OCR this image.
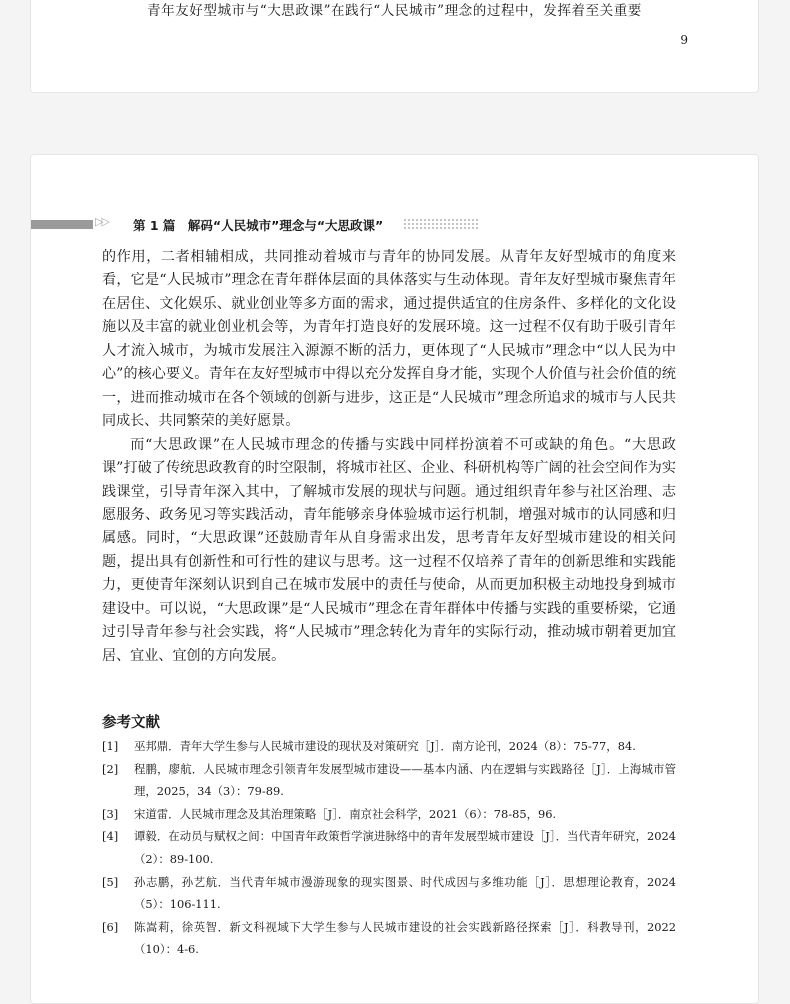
青年友好型城市与“大思政课”在践行“人民城市”理念的过程中，发挥着至关重要
9
▷▷ 第 1 篇　解码“人民城市”理念与“大思政课”

的作用，二者相辅相成，共同推动着城市与青年的协同发展。从青年友好型城市的角度来看，它是“人民城市”理念在青年群体层面的具体落实与生动体现。青年友好型城市聚焦青年在居住、文化娱乐、就业创业等多方面的需求，通过提供适宜的住房条件、多样化的文化设施以及丰富的就业创业机会等，为青年打造良好的发展环境。这一过程不仅有助于吸引青年人才流入城市，为城市发展注入源源不断的活力，更体现了“人民城市”理念中“以人民为中心”的核心要义。青年在友好型城市中得以充分发挥自身才能，实现个人价值与社会价值的统一，进而推动城市在各个领域的创新与进步，这正是“人民城市”理念所追求的城市与人民共同成长、共同繁荣的美好愿景。

而“大思政课”在人民城市理念的传播与实践中同样扮演着不可或缺的角色。“大思政课”打破了传统思政教育的时空限制，将城市社区、企业、科研机构等广阔的社会空间作为实践课堂，引导青年深入其中，了解城市发展的现状与问题。通过组织青年参与社区治理、志愿服务、政务见习等实践活动，青年能够亲身体验城市运行机制，增强对城市的认同感和归属感。同时，“大思政课”还鼓励青年从自身需求出发，思考青年友好型城市建设的相关问题，提出具有创新性和可行性的建议与思考。这一过程不仅培养了青年的创新思维和实践能力，更使青年深刻认识到自己在城市发展中的责任与使命，从而更加积极主动地投身到城市建设中。可以说，“大思政课”是“人民城市”理念在青年群体中传播与实践的重要桥梁，它通过引导青年参与社会实践，将“人民城市”理念转化为青年的实际行动，推动城市朝着更加宜居、宜业、宜创的方向发展。

参考文献
[1]	巫邦鼎．青年大学生参与人民城市建设的现状及对策研究［J］．南方论刊，2024（8）：75-77，84.
[2]	程鹏，廖航．人民城市理念引领青年发展型城市建设——基本内涵、内在逻辑与实践路径［J］．上海城市管理，2025，34（3）：79-89.
[3]	宋道雷．人民城市理念及其治理策略［J］．南京社会科学，2021（6）：78-85，96.
[4]	谭毅．在动员与赋权之间：中国青年政策哲学演进脉络中的青年发展型城市建设［J］．当代青年研究，2024（2）：89-100.
[5]	孙志鹏，孙艺航．当代青年城市漫游现象的现实图景、时代成因与多维功能［J］．思想理论教育，2024（5）：106-111.
[6]	陈嵩莉，徐英智．新文科视域下大学生参与人民城市建设的社会实践新路径探索［J］．科教导刊，2022（10）：4-6.
